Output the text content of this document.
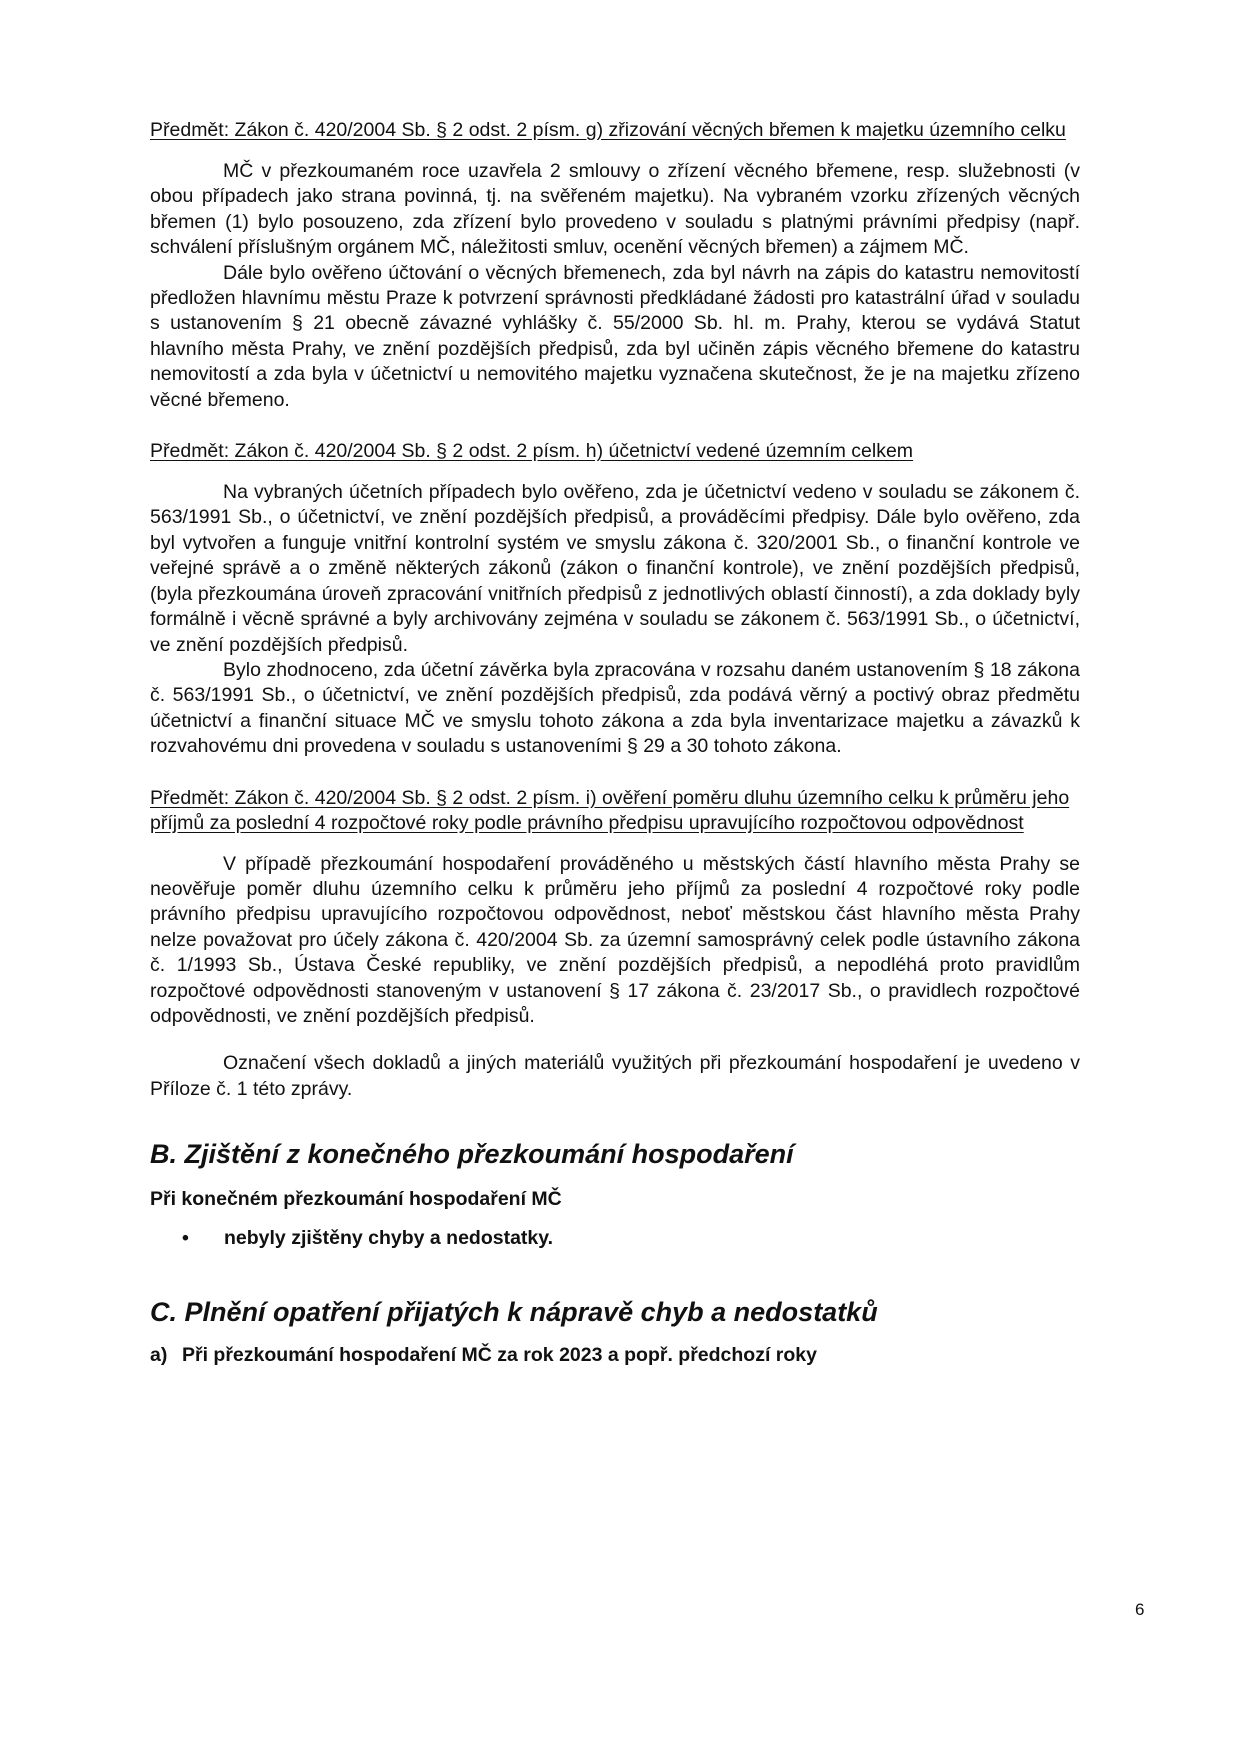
Předmět: Zákon č. 420/2004 Sb. § 2 odst. 2 písm. g) zřizování věcných břemen k majetku územního celku

MČ v přezkoumaném roce uzavřela 2 smlouvy o zřízení věcného břemene, resp. služebnosti (v obou případech jako strana povinná, tj. na svěřeném majetku). Na vybraném vzorku zřízených věcných břemen (1) bylo posouzeno, zda zřízení bylo provedeno v souladu s platnými právními předpisy (např. schválení příslušným orgánem MČ, náležitosti smluv, ocenění věcných břemen) a zájmem MČ.

Dále bylo ověřeno účtování o věcných břemenech, zda byl návrh na zápis do katastru nemovitostí předložen hlavnímu městu Praze k potvrzení správnosti předkládané žádosti pro katastrální úřad v souladu s ustanovením § 21 obecně závazné vyhlášky č. 55/2000 Sb. hl. m. Prahy, kterou se vydává Statut hlavního města Prahy, ve znění pozdějších předpisů, zda byl učiněn zápis věcného břemene do katastru nemovitostí a zda byla v účetnictví u nemovitého majetku vyznačena skutečnost, že je na majetku zřízeno věcné břemeno.

Předmět: Zákon č. 420/2004 Sb. § 2 odst. 2 písm. h) účetnictví vedené územním celkem

Na vybraných účetních případech bylo ověřeno, zda je účetnictví vedeno v souladu se zákonem č. 563/1991 Sb., o účetnictví, ve znění pozdějších předpisů, a prováděcími předpisy. Dále bylo ověřeno, zda byl vytvořen a funguje vnitřní kontrolní systém ve smyslu zákona č. 320/2001 Sb., o finanční kontrole ve veřejné správě a o změně některých zákonů (zákon o finanční kontrole), ve znění pozdějších předpisů, (byla přezkoumána úroveň zpracování vnitřních předpisů z jednotlivých oblastí činností), a zda doklady byly formálně i věcně správné a byly archivovány zejména v souladu se zákonem č. 563/1991 Sb., o účetnictví, ve znění pozdějších předpisů.

Bylo zhodnoceno, zda účetní závěrka byla zpracována v rozsahu daném ustanovením § 18 zákona č. 563/1991 Sb., o účetnictví, ve znění pozdějších předpisů, zda podává věrný a poctivý obraz předmětu účetnictví a finanční situace MČ ve smyslu tohoto zákona a zda byla inventarizace majetku a závazků k rozvahovému dni provedena v souladu s ustanoveními § 29 a 30 tohoto zákona.

Předmět: Zákon č. 420/2004 Sb. § 2 odst. 2 písm. i) ověření poměru dluhu územního celku k průměru jeho příjmů za poslední 4 rozpočtové roky podle právního předpisu upravujícího rozpočtovou odpovědnost

V případě přezkoumání hospodaření prováděného u městských částí hlavního města Prahy se neověřuje poměr dluhu územního celku k průměru jeho příjmů za poslední 4 rozpočtové roky podle právního předpisu upravujícího rozpočtovou odpovědnost, neboť městskou část hlavního města Prahy nelze považovat pro účely zákona č. 420/2004 Sb. za územní samosprávný celek podle ústavního zákona č. 1/1993 Sb., Ústava České republiky, ve znění pozdějších předpisů, a nepodléhá proto pravidlům rozpočtové odpovědnosti stanoveným v ustanovení § 17 zákona č. 23/2017 Sb., o pravidlech rozpočtové odpovědnosti, ve znění pozdějších předpisů.

Označení všech dokladů a jiných materiálů využitých při přezkoumání hospodaření je uvedeno v Příloze č. 1 této zprávy.

B. Zjištění z konečného přezkoumání hospodaření

Při konečném přezkoumání hospodaření MČ

•	nebyly zjištěny chyby a nedostatky.
C. Plnění opatření přijatých k nápravě chyb a nedostatků
a) Při přezkoumání hospodaření MČ za rok 2023 a popř. předchozí roky
6
